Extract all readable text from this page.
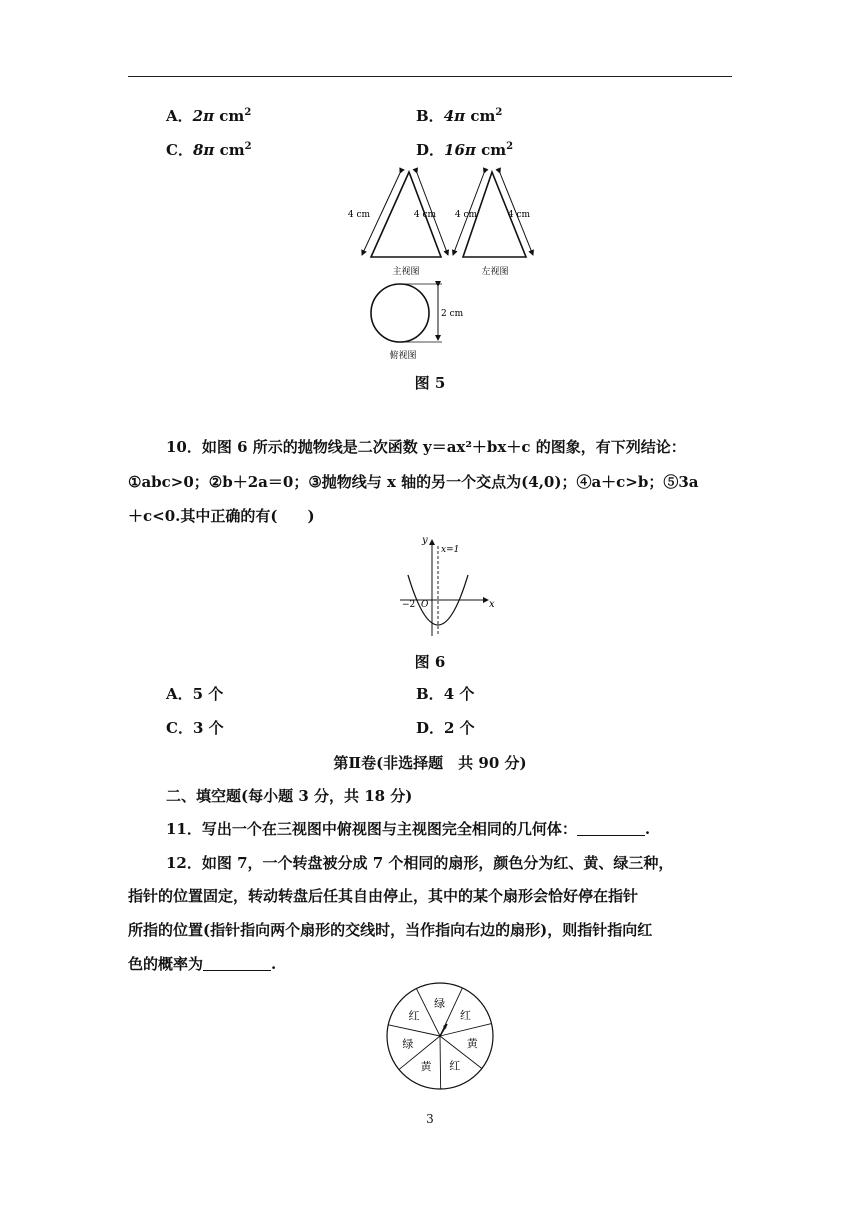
A．2π $cm^2$	B．4π $cm^2$
C．8π $cm^2$	D．16π $cm^2$
4 cm	4 cm
主视图
4 cm	4 cm
左视图
2 cm
俯视图
图 5
10．如图 6 所示的抛物线是二次函数 y＝ax²＋bx＋c 的图象，有下列结论：
①abc>0；②b＋2a＝0；③抛物线与 x 轴的另一个交点为(4,0)；④a＋c>b；⑤3a
＋c<0.其中正确的有(　　)
y
x
x=1
−2 O
图 6
A．5 个	B．4 个
C．3 个	D．2 个
第Ⅱ卷(非选择题　共 90 分)
二、填空题(每小题 3 分，共 18 分)
11．写出一个在三视图中俯视图与主视图完全相同的几何体：	.
12．如图 7，一个转盘被分成 7 个相同的扇形，颜色分为红、黄、绿三种，
指针的位置固定，转动转盘后任其自由停止，其中的某个扇形会恰好停在指针
所指的位置(指针指向两个扇形的交线时，当作指向右边的扇形)，则指针指向红
色的概率为	.
绿
红
绿
黄 红
黄
红
3
